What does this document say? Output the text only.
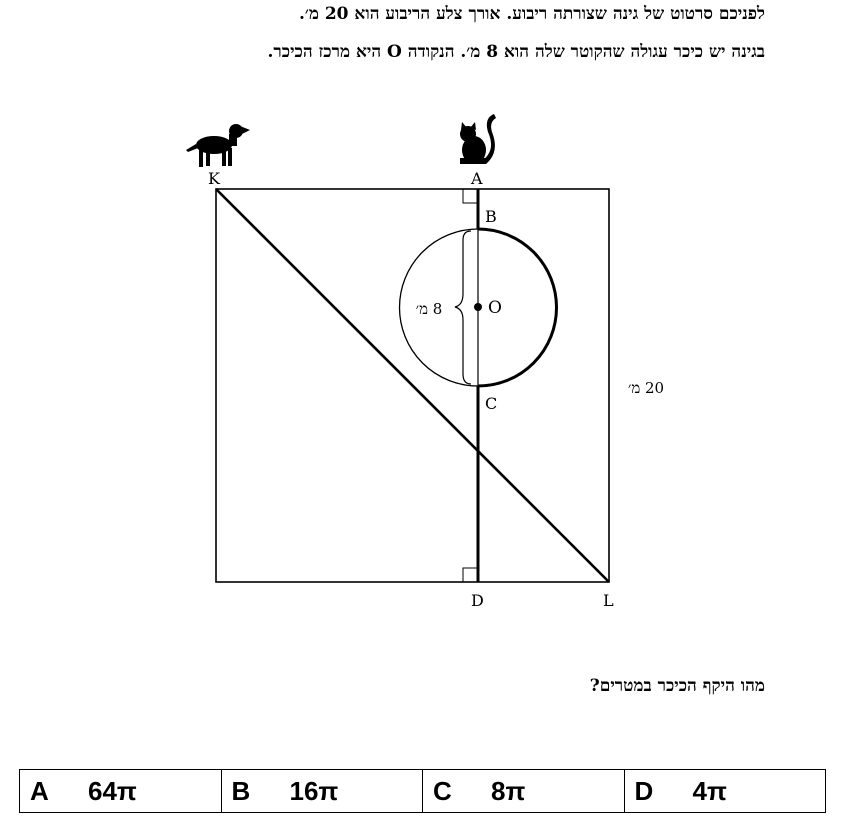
לפניכם סרטוט של גינה שצורתה ריבוע. אורך צלע הריבוע הוא 20 מ׳.
בגינה יש כיכר עגולה שהקוטר שלה הוא 8 מ׳. הנקודה O היא מרכז הכיכר.
K	A
B
O
C
D	L
20 מ׳
8 מ׳
מהו היקף הכיכר במטרים?
A 64π	B 16π	C 8π	D 4π
